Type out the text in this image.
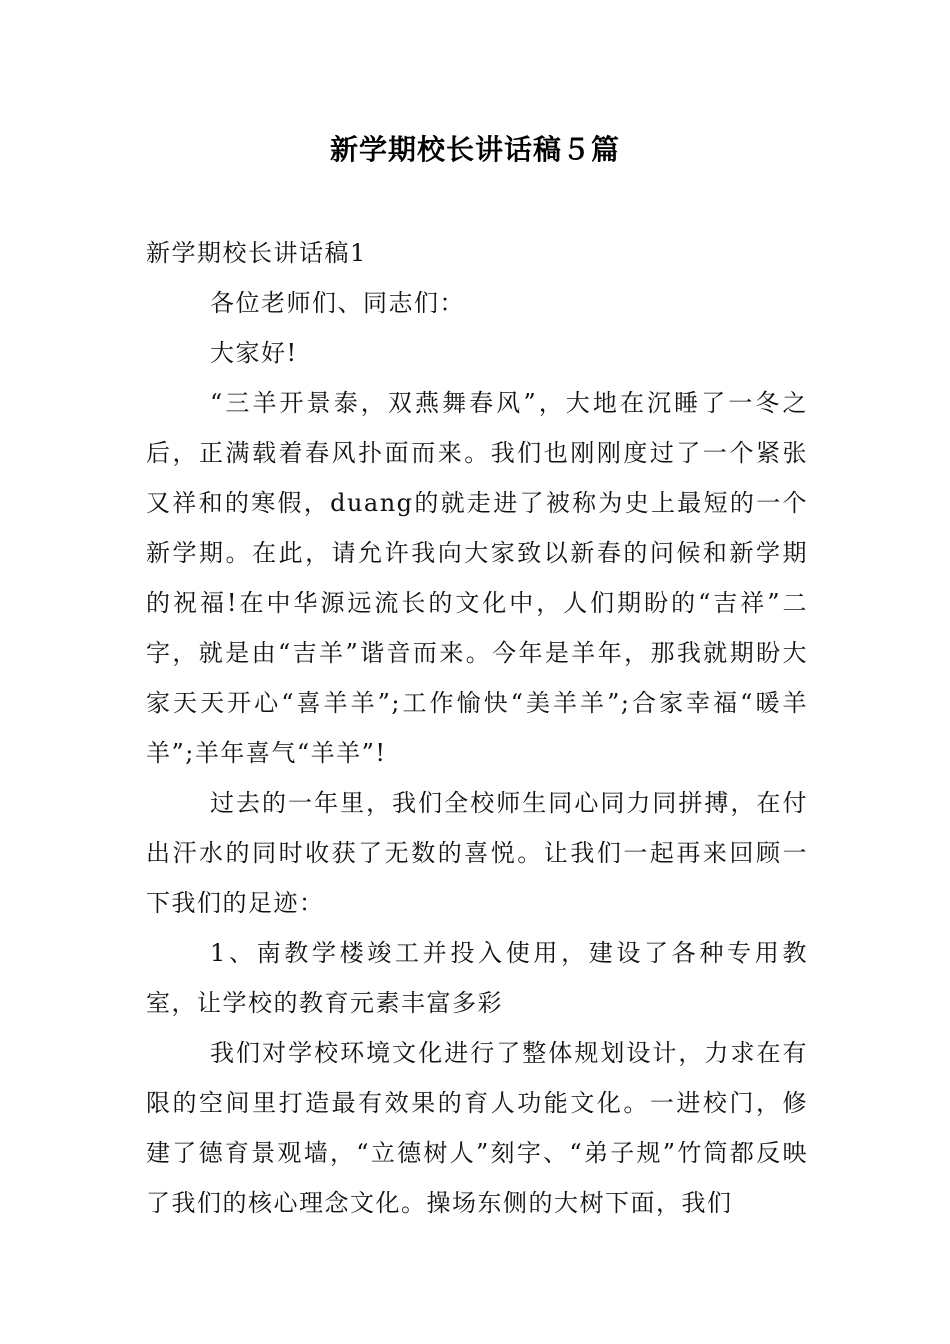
新学期校长讲话稿５篇

新学期校长讲话稿1

各位老师们、同志们：

大家好!

“三羊开景泰，双燕舞春风”，大地在沉睡了一冬之后，正满载着春风扑面而来。我们也刚刚度过了一个紧张又祥和的寒假，duang的就走进了被称为史上最短的一个新学期。在此，请允许我向大家致以新春的问候和新学期的祝福!在中华源远流长的文化中，人们期盼的“吉祥”二字，就是由“吉羊”谐音而来。今年是羊年，那我就期盼大家天天开心“喜羊羊”;工作愉快“美羊羊”;合家幸福“暖羊羊”;羊年喜气“羊羊”!

过去的一年里，我们全校师生同心同力同拼搏，在付出汗水的同时收获了无数的喜悦。让我们一起再来回顾一下我们的足迹：

1、南教学楼竣工并投入使用，建设了各种专用教室，让学校的教育元素丰富多彩

我们对学校环境文化进行了整体规划设计，力求在有限的空间里打造最有效果的育人功能文化。一进校门，修建了德育景观墙，“立德树人”刻字、“弟子规”竹筒都反映了我们的核心理念文化。操场东侧的大树下面，我们
